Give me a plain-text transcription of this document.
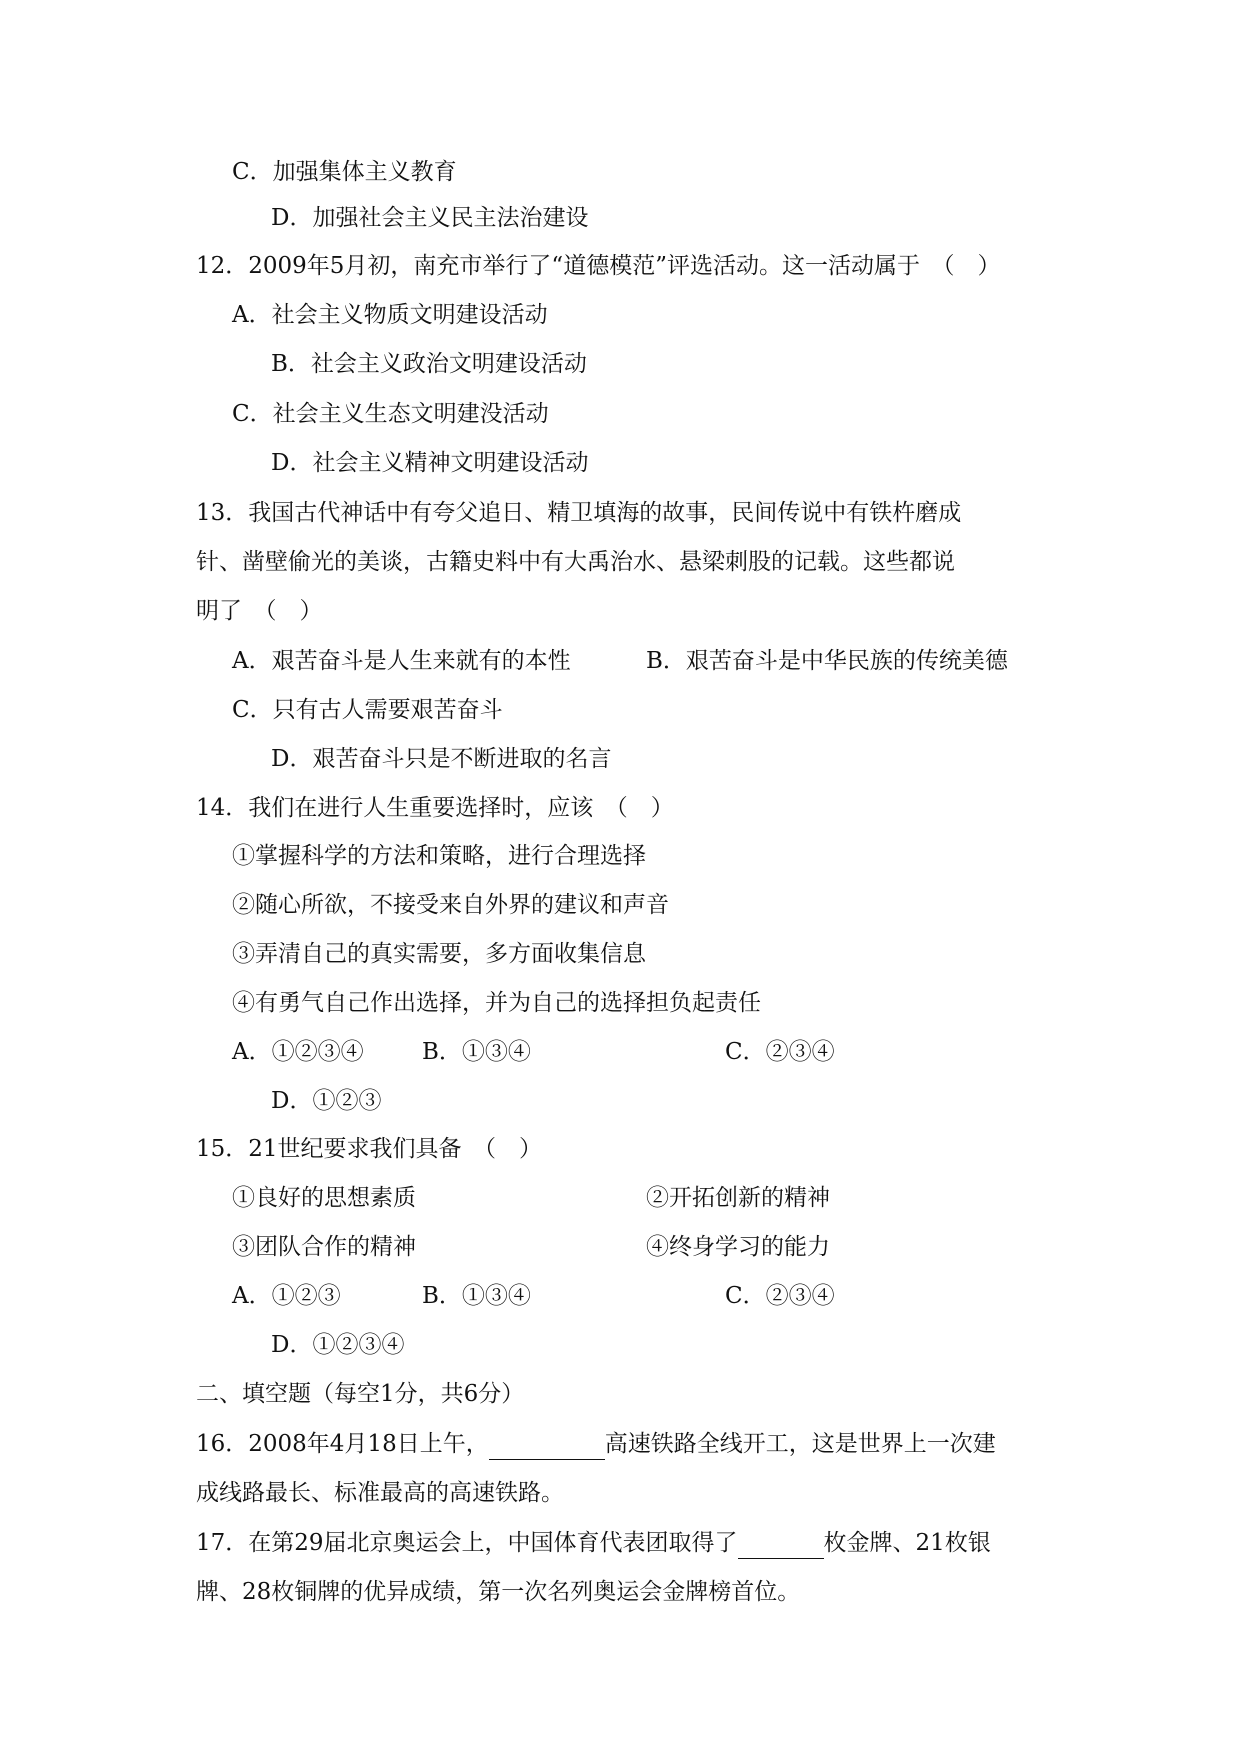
C．加强集体主义教育
D．加强社会主义民主法治建设
12．2009年5月初，南充市举行了“道德模范”评选活动。这一活动属于　（　）
A．社会主义物质文明建设活动
B．社会主义政治文明建设活动
C．社会主义生态文明建没活动
D．社会主义精神文明建设活动
13．我国古代神话中有夸父追日、精卫填海的故事，民间传说中有铁杵磨成
针、凿壁偷光的美谈，古籍史料中有大禹治水、悬梁刺股的记载。这些都说
明了　（　）
A．艰苦奋斗是人生来就有的本性	B．艰苦奋斗是中华民族的传统美德
C．只有古人需要艰苦奋斗
D．艰苦奋斗只是不断进取的名言
14．我们在进行人生重要选择时，应该　（　）
①掌握科学的方法和策略，进行合理选择
②随心所欲，不接受来自外界的建议和声音
③弄清自己的真实需要，多方面收集信息
④有勇气自己作出选择，并为自己的选择担负起责任
A．①②③④	B．①③④	C．②③④
D．①②③
15．21世纪要求我们具备　（　）
①良好的思想素质	②开拓创新的精神
③团队合作的精神	④终身学习的能力
A．①②③	B．①③④	C．②③④
D．①②③④
二、填空题（每空1分，共6分）
16．2008年4月18日上午，	高速铁路全线开工，这是世界上一次建
成线路最长、标准最高的高速铁路。
17．在第29届北京奥运会上，中国体育代表团取得了	枚金牌、21枚银
牌、28枚铜牌的优异成绩，第一次名列奥运会金牌榜首位。
